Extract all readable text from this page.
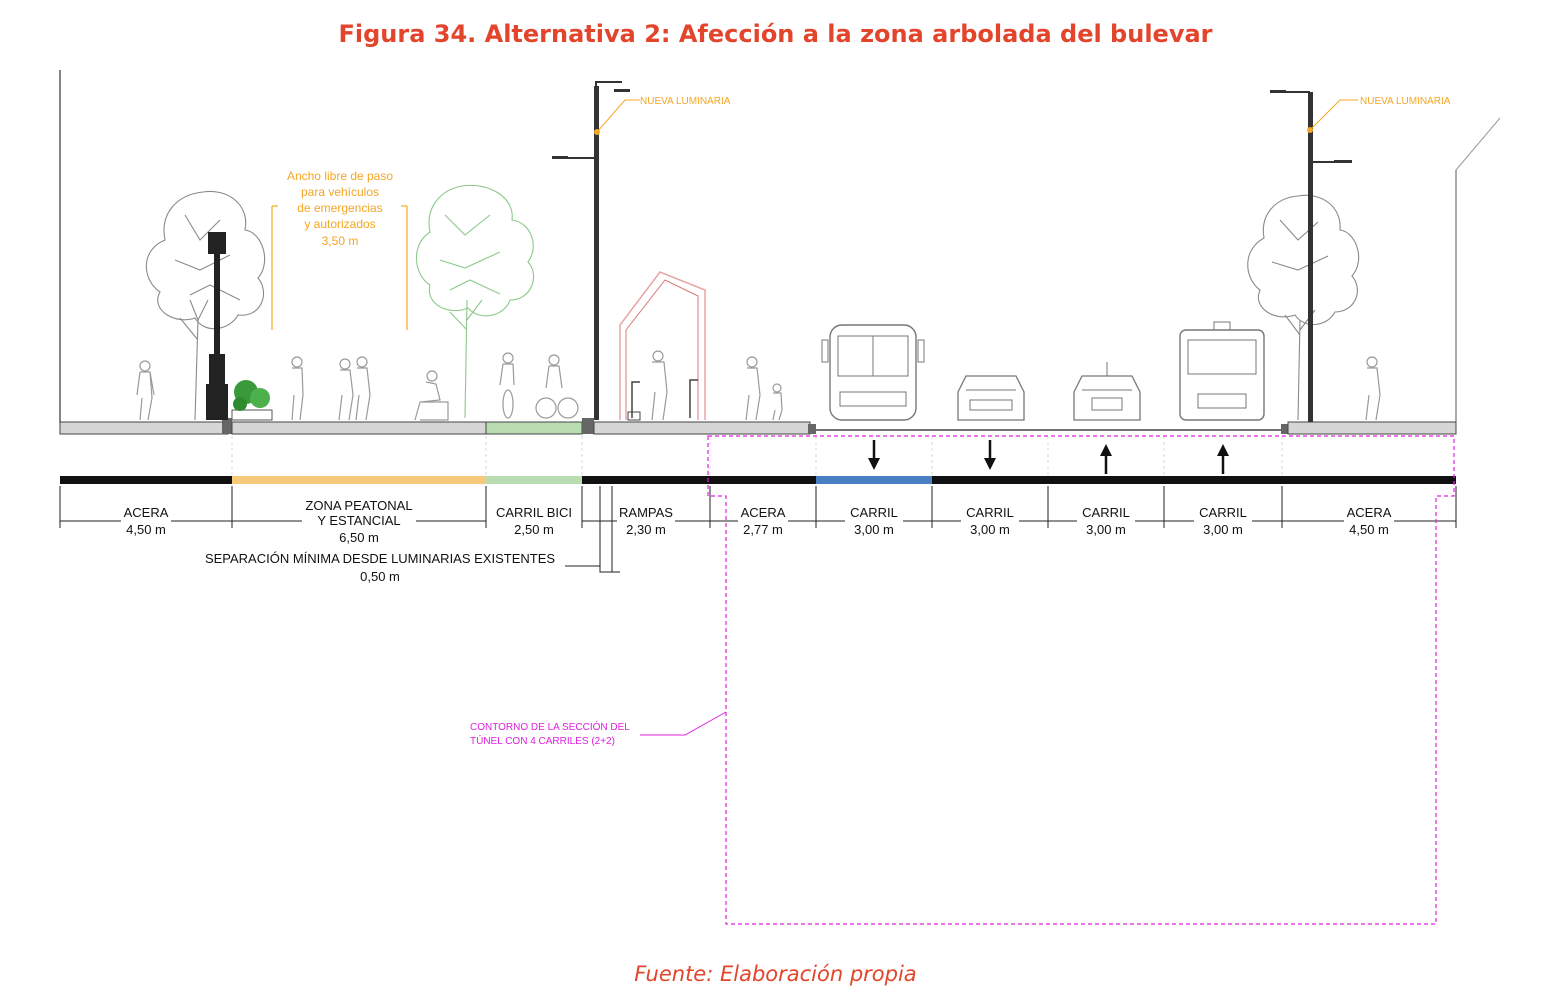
Figura 34. Alternativa 2: Afección a la zona arbolada del bulevar
Ancho libre de paso
para vehículos
de emergencias
y autorizados
3,50 m
NUEVA LUMINARIA	NUEVA LUMINARIA
ACERA
4,50 m
ZONA PEATONAL
Y ESTANCIAL
6,50 m
CARRIL BICI
2,50 m
RAMPAS
2,30 m
ACERA
2,77 m
CARRIL
3,00 m
CARRIL
3,00 m
CARRIL
3,00 m
CARRIL
3,00 m
ACERA
4,50 m
SEPARACIÓN MÍNIMA DESDE LUMINARIAS EXISTENTES
0,50 m
CONTORNO DE LA SECCIÓN DEL
TÚNEL CON 4 CARRILES (2+2)
Fuente: Elaboración propia
